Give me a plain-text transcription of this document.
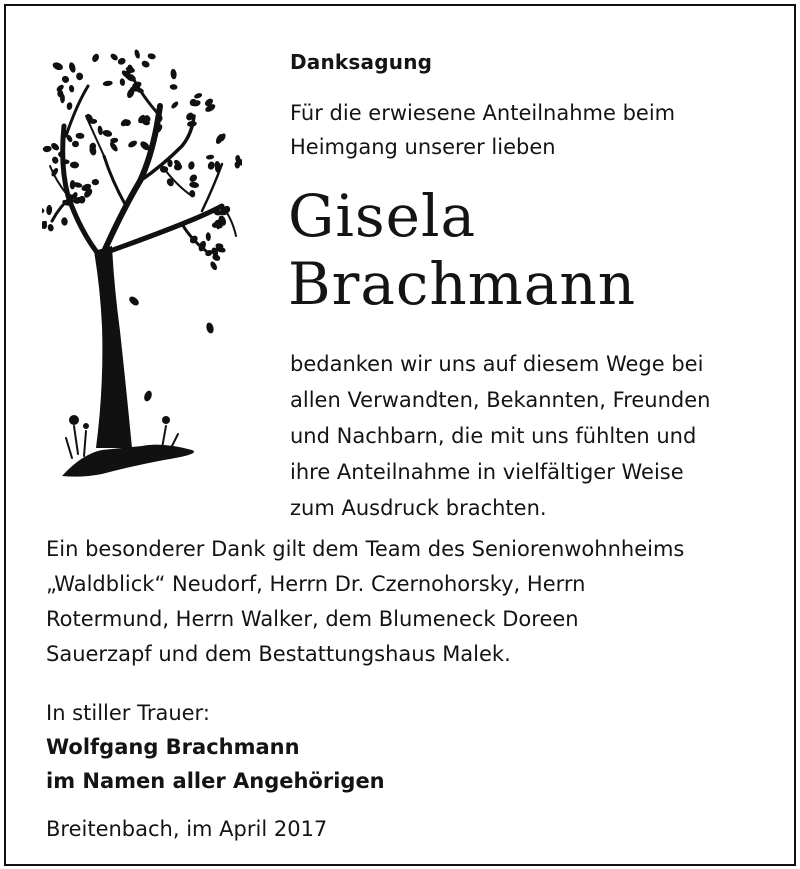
Danksagung

Für die erwiesene Anteilnahme beim
Heimgang unserer lieben

Gisela
Brachmann

bedanken wir uns auf diesem Wege bei
allen Verwandten, Bekannten, Freunden
und Nachbarn, die mit uns fühlten und
ihre Anteilnahme in vielfältiger Weise
zum Ausdruck brachten.

Ein besonderer Dank gilt dem Team des Seniorenwohnheims
„Waldblick“ Neudorf, Herrn Dr. Czernohorsky, Herrn
Rotermund, Herrn Walker, dem Blumeneck Doreen
Sauerzapf und dem Bestattungshaus Malek.

In stiller Trauer:

Wolfgang Brachmann
im Namen aller Angehörigen

Breitenbach, im April 2017
